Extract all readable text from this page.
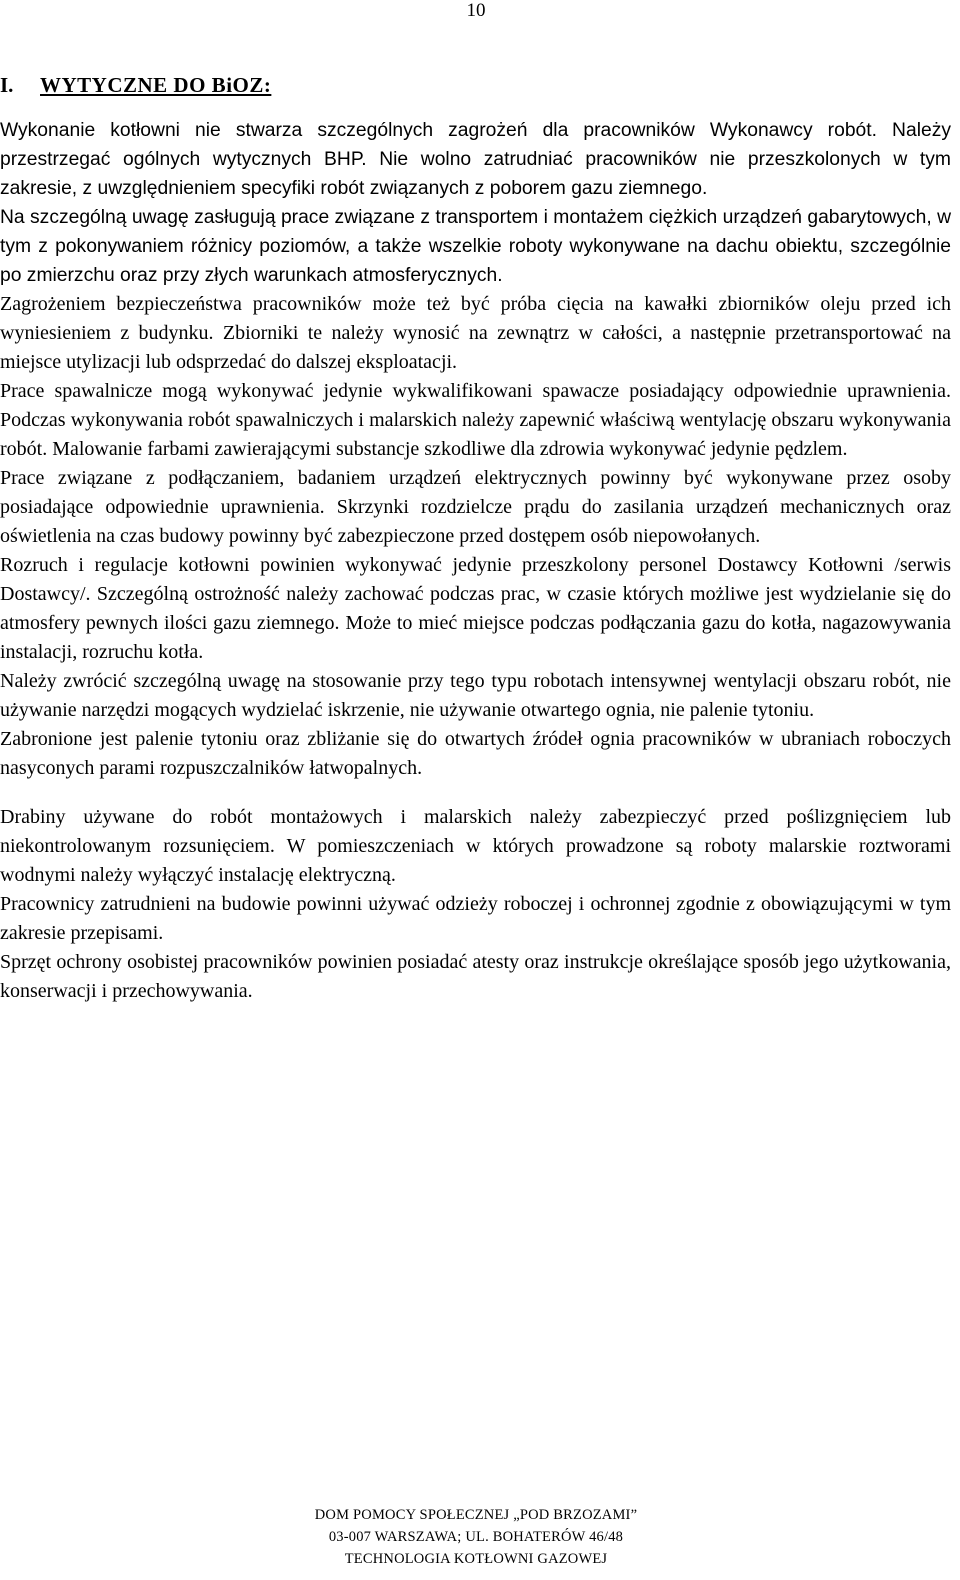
10
I. WYTYCZNE DO BiOZ:

Wykonanie kotłowni nie stwarza szczególnych zagrożeń dla pracowników Wykonawcy robót. Należy przestrzegać ogólnych wytycznych BHP. Nie wolno zatrudniać pracowników nie przeszkolonych w tym zakresie, z uwzględnieniem specyfiki robót związanych z poborem gazu ziemnego.

Na szczególną uwagę zasługują prace związane z transportem i montażem ciężkich urządzeń gabarytowych, w tym z pokonywaniem różnicy poziomów, a także wszelkie roboty wykonywane na dachu obiektu, szczególnie po zmierzchu oraz przy złych warunkach atmosferycznych.

Zagrożeniem bezpieczeństwa pracowników może też być próba cięcia na kawałki zbiorników oleju przed ich wyniesieniem z budynku. Zbiorniki te należy wynosić na zewnątrz w całości, a następnie przetransportować na miejsce utylizacji lub odsprzedać do dalszej eksploatacji.

Prace spawalnicze mogą wykonywać jedynie wykwalifikowani spawacze posiadający odpowiednie uprawnienia. Podczas wykonywania robót spawalniczych i malarskich należy zapewnić właściwą wentylację obszaru wykonywania robót. Malowanie farbami zawierającymi substancje szkodliwe dla zdrowia wykonywać jedynie pędzlem.

Prace związane z podłączaniem, badaniem urządzeń elektrycznych powinny być wykonywane przez osoby posiadające odpowiednie uprawnienia. Skrzynki rozdzielcze prądu do zasilania urządzeń mechanicznych oraz oświetlenia na czas budowy powinny być zabezpieczone przed dostępem osób niepowołanych.

Rozruch i regulacje kotłowni powinien wykonywać jedynie przeszkolony personel Dostawcy Kotłowni /serwis Dostawcy/. Szczególną ostrożność należy zachować podczas prac, w czasie których możliwe jest wydzielanie się do atmosfery pewnych ilości gazu ziemnego. Może to mieć miejsce podczas podłączania gazu do kotła, nagazowywania instalacji, rozruchu kotła.

Należy zwrócić szczególną uwagę na stosowanie przy tego typu robotach intensywnej wentylacji obszaru robót, nie używanie narzędzi mogących wydzielać iskrzenie, nie używanie otwartego ognia, nie palenie tytoniu.

Zabronione jest palenie tytoniu oraz zbliżanie się do otwartych źródeł ognia pracowników w ubraniach roboczych nasyconych parami rozpuszczalników łatwopalnych.

Drabiny używane do robót montażowych i malarskich należy zabezpieczyć przed poślizgnięciem lub niekontrolowanym rozsunięciem. W pomieszczeniach w których prowadzone są roboty malarskie roztworami wodnymi należy wyłączyć instalację elektryczną.

Pracownicy zatrudnieni na budowie powinni używać odzieży roboczej i ochronnej zgodnie z obowiązującymi w tym zakresie przepisami.

Sprzęt ochrony osobistej pracowników powinien posiadać atesty oraz instrukcje określające sposób jego użytkowania, konserwacji i przechowywania.

DOM POMOCY SPOŁECZNEJ „POD BRZOZAMI”
03-007 WARSZAWA; UL. BOHATERÓW 46/48
TECHNOLOGIA KOTŁOWNI GAZOWEJ
